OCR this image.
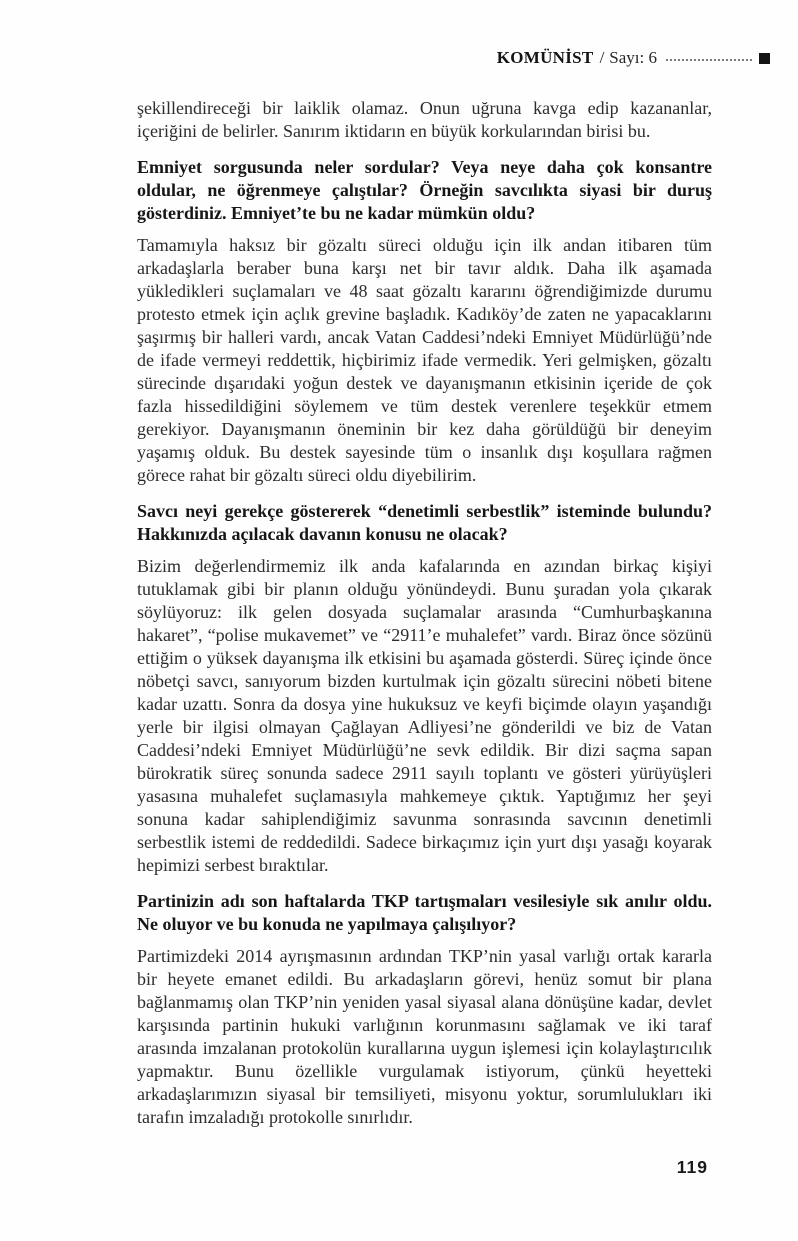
KOMÜNİST / Sayı: 6

şekillendireceği bir laiklik olamaz. Onun uğruna kavga edip kazananlar, içeriğini de belirler. Sanırım iktidarın en büyük korkularından birisi bu.

Emniyet sorgusunda neler sordular? Veya neye daha çok konsantre oldular, ne öğrenmeye çalıştılar? Örneğin savcılıkta siyasi bir duruş gösterdiniz. Emniyet’te bu ne kadar mümkün oldu?

Tamamıyla haksız bir gözaltı süreci olduğu için ilk andan itibaren tüm arkadaşlarla beraber buna karşı net bir tavır aldık. Daha ilk aşamada yükledikleri suçlamaları ve 48 saat gözaltı kararını öğrendiğimizde durumu protesto etmek için açlık grevine başladık. Kadıköy’de zaten ne yapacaklarını şaşırmış bir halleri vardı, ancak Vatan Caddesi’ndeki Emniyet Müdürlüğü’nde de ifade vermeyi reddettik, hiçbirimiz ifade vermedik. Yeri gelmişken, gözaltı sürecinde dışarıdaki yoğun destek ve dayanışmanın etkisinin içeride de çok fazla hissedildiğini söylemem ve tüm destek verenlere teşekkür etmem gerekiyor. Dayanışmanın öneminin bir kez daha görüldüğü bir deneyim yaşamış olduk. Bu destek sayesinde tüm o insanlık dışı koşullara rağmen görece rahat bir gözaltı süreci oldu diyebilirim.

Savcı neyi gerekçe göstererek “denetimli serbestlik” isteminde bulundu? Hakkınızda açılacak davanın konusu ne olacak?

Bizim değerlendirmemiz ilk anda kafalarında en azından birkaç kişiyi tutuklamak gibi bir planın olduğu yönündeydi. Bunu şuradan yola çıkarak söylüyoruz: ilk gelen dosyada suçlamalar arasında “Cumhurbaşkanına hakaret”, “polise mukavemet” ve “2911’e muhalefet” vardı. Biraz önce sözünü ettiğim o yüksek dayanışma ilk etkisini bu aşamada gösterdi. Süreç içinde önce nöbetçi savcı, sanıyorum bizden kurtulmak için gözaltı sürecini nöbeti bitene kadar uzattı. Sonra da dosya yine hukuksuz ve keyfi biçimde olayın yaşandığı yerle bir ilgisi olmayan Çağlayan Adliyesi’ne gönderildi ve biz de Vatan Caddesi’ndeki Emniyet Müdürlüğü’ne sevk edildik. Bir dizi saçma sapan bürokratik süreç sonunda sadece 2911 sayılı toplantı ve gösteri yürüyüşleri yasasına muhalefet suçlamasıyla mahkemeye çıktık. Yaptığımız her şeyi sonuna kadar sahiplendiğimiz savunma sonrasında savcının denetimli serbestlik istemi de reddedildi. Sadece birkaçımız için yurt dışı yasağı koyarak hepimizi serbest bıraktılar.

Partinizin adı son haftalarda TKP tartışmaları vesilesiyle sık anılır oldu. Ne oluyor ve bu konuda ne yapılmaya çalışılıyor?

Partimizdeki 2014 ayrışmasının ardından TKP’nin yasal varlığı ortak kararla bir heyete emanet edildi. Bu arkadaşların görevi, henüz somut bir plana bağlanmamış olan TKP’nin yeniden yasal siyasal alana dönüşüne kadar, devlet karşısında partinin hukuki varlığının korunmasını sağlamak ve iki taraf arasında imzalanan protokolün kurallarına uygun işlemesi için kolaylaştırıcılık yapmaktır. Bunu özellikle vurgulamak istiyorum, çünkü heyetteki arkadaşlarımızın siyasal bir temsiliyeti, misyonu yoktur, sorumlulukları iki tarafın imzaladığı protokolle sınırlıdır.

119
